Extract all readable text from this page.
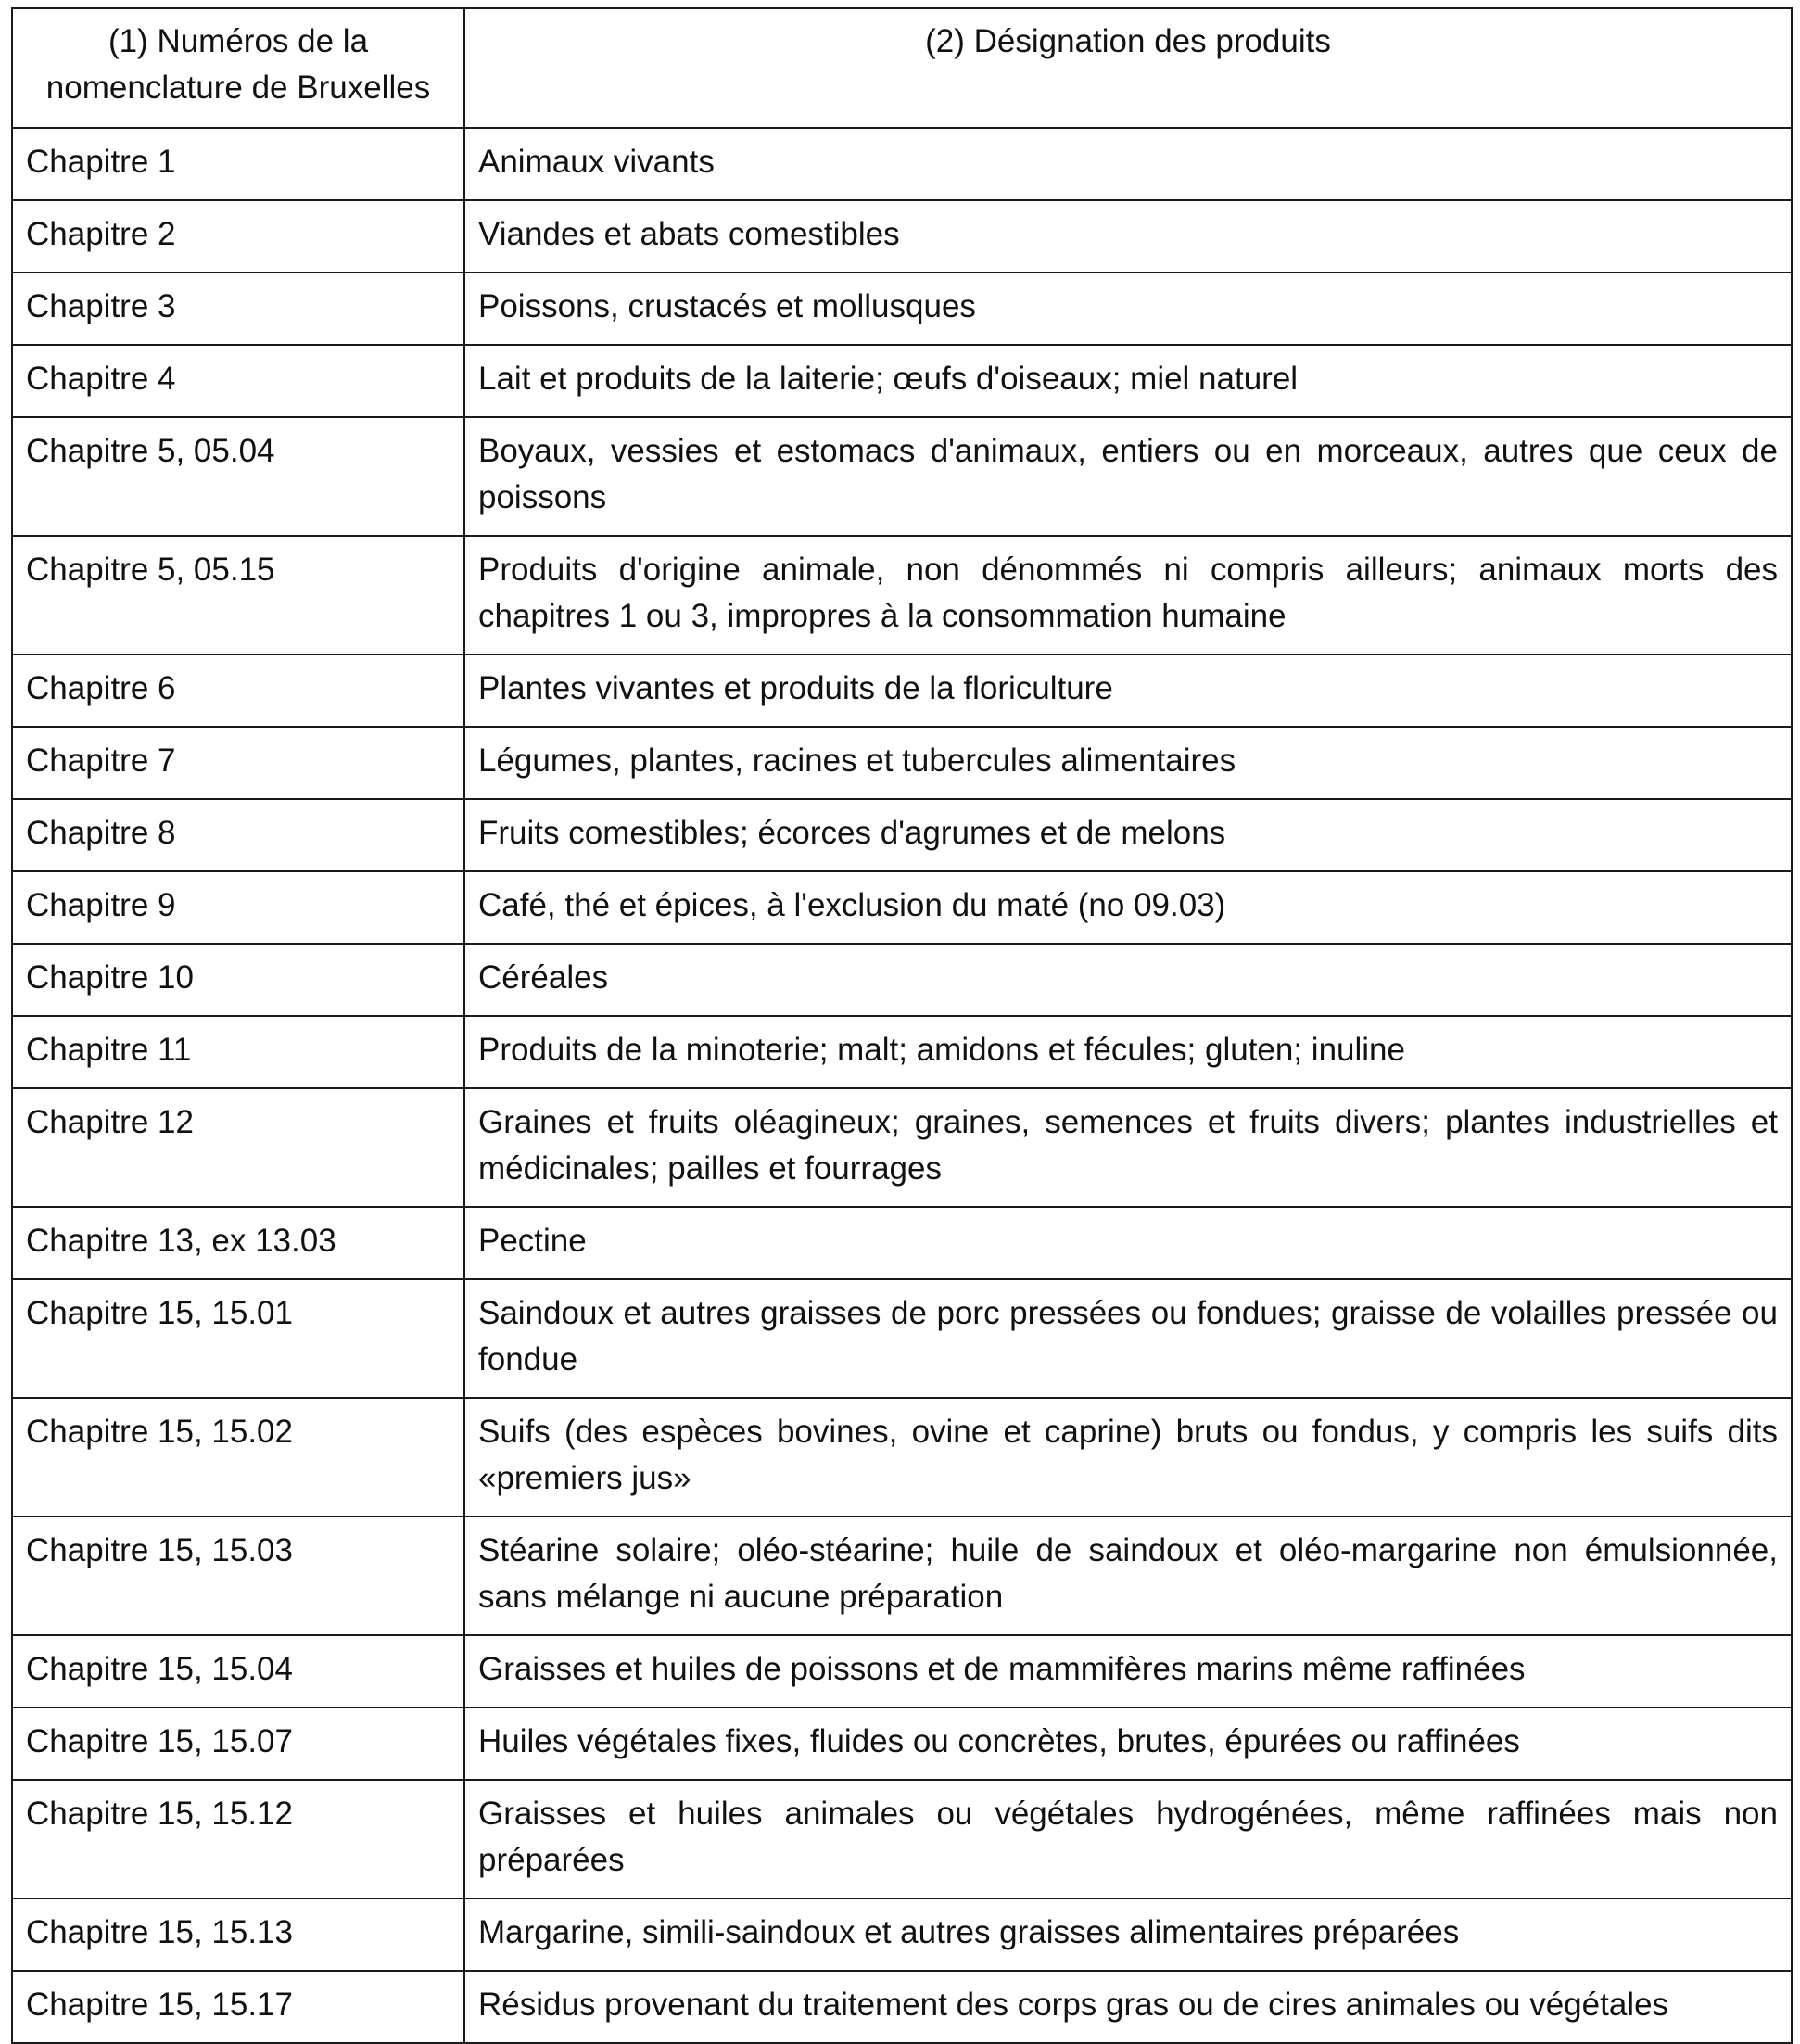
(1) Numéros de la nomenclature de Bruxelles	(2) Désignation des produits
Chapitre 1	Animaux vivants
Chapitre 2	Viandes et abats comestibles
Chapitre 3	Poissons, crustacés et mollusques
Chapitre 4	Lait et produits de la laiterie; œufs d'oiseaux; miel naturel
Chapitre 5, 05.04	Boyaux, vessies et estomacs d'animaux, entiers ou en morceaux, autres que ceux de poissons
Chapitre 5, 05.15	Produits d'origine animale, non dénommés ni compris ailleurs; animaux morts des chapitres 1 ou 3, impropres à la consommation humaine
Chapitre 6	Plantes vivantes et produits de la floriculture
Chapitre 7	Légumes, plantes, racines et tubercules alimentaires
Chapitre 8	Fruits comestibles; écorces d'agrumes et de melons
Chapitre 9	Café, thé et épices, à l'exclusion du maté (no 09.03)
Chapitre 10	Céréales
Chapitre 11	Produits de la minoterie; malt; amidons et fécules; gluten; inuline
Chapitre 12	Graines et fruits oléagineux; graines, semences et fruits divers; plantes industrielles et médicinales; pailles et fourrages
Chapitre 13, ex 13.03	Pectine
Chapitre 15, 15.01	Saindoux et autres graisses de porc pressées ou fondues; graisse de volailles pressée ou fondue
Chapitre 15, 15.02	Suifs (des espèces bovines, ovine et caprine) bruts ou fondus, y compris les suifs dits «premiers jus»
Chapitre 15, 15.03	Stéarine solaire; oléo-stéarine; huile de saindoux et oléo-margarine non émulsionnée, sans mélange ni aucune préparation
Chapitre 15, 15.04	Graisses et huiles de poissons et de mammifères marins même raffinées
Chapitre 15, 15.07	Huiles végétales fixes, fluides ou concrètes, brutes, épurées ou raffinées
Chapitre 15, 15.12	Graisses et huiles animales ou végétales hydrogénées, même raffinées mais non préparées
Chapitre 15, 15.13	Margarine, simili-saindoux et autres graisses alimentaires préparées
Chapitre 15, 15.17	Résidus provenant du traitement des corps gras ou de cires animales ou végétales
